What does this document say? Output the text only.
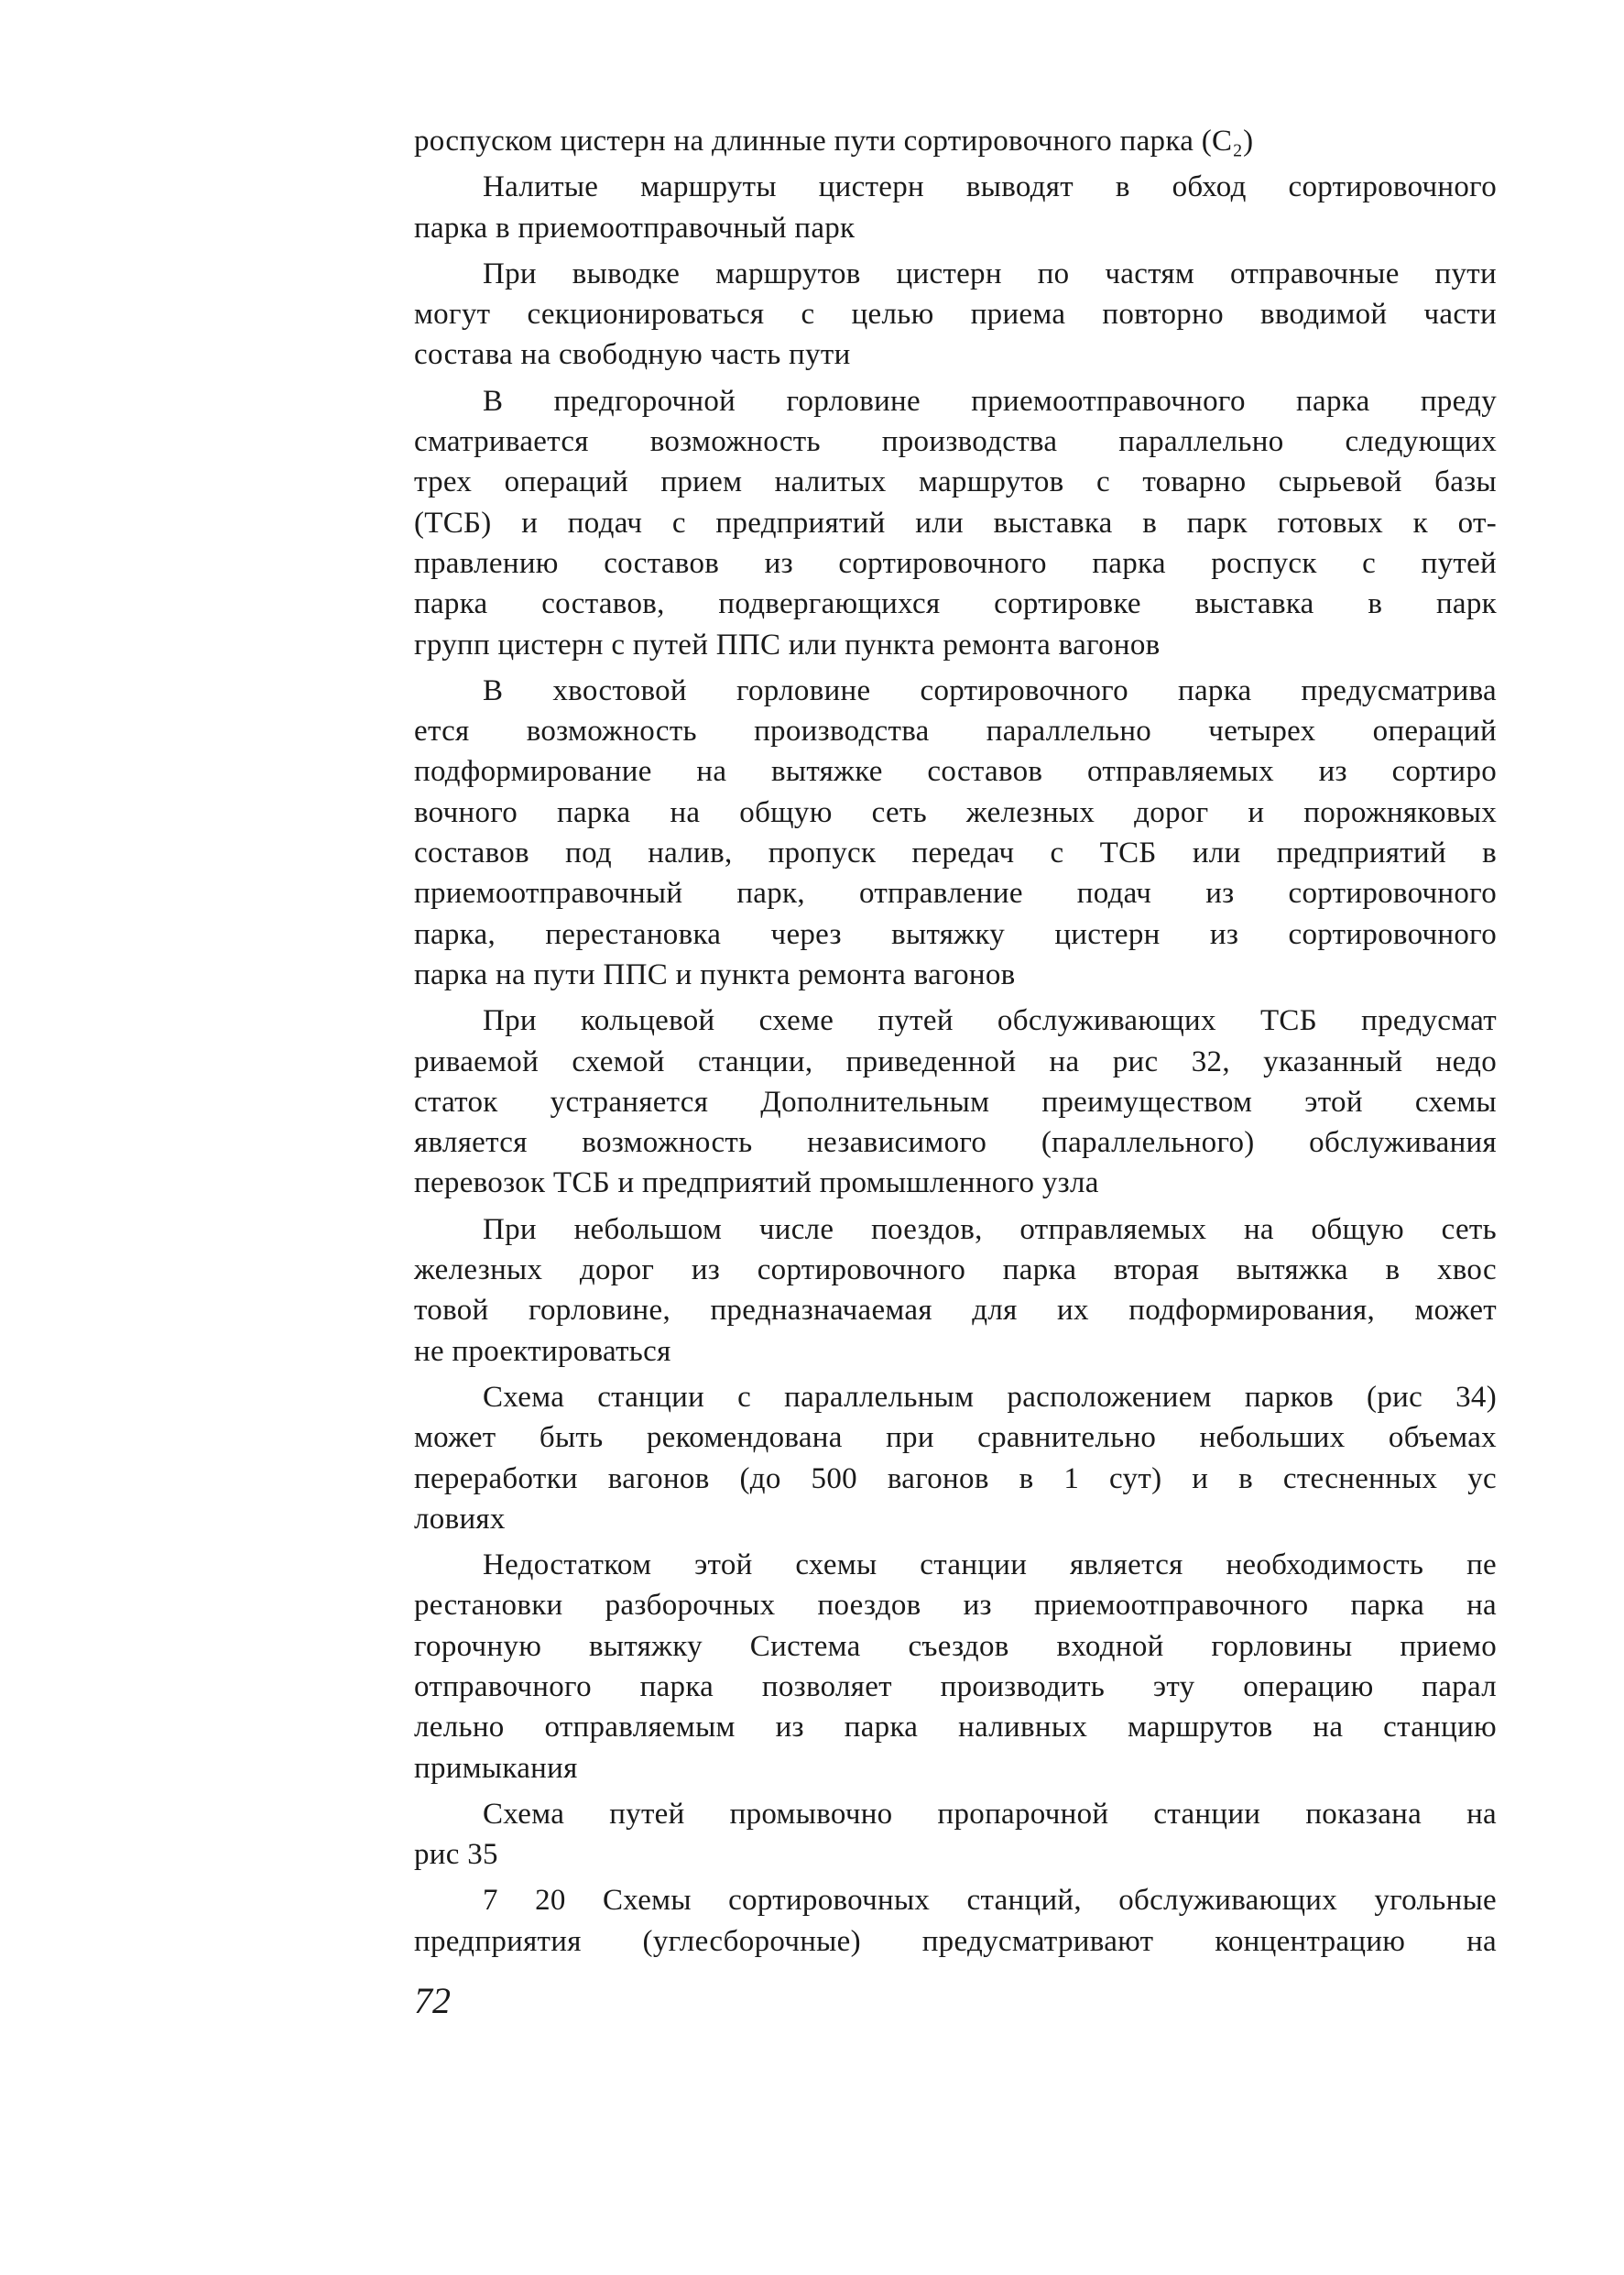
роспуском цистерн на длинные пути сортировочного парка (С₂)
Налитые маршруты цистерн выводят в обход сортировочного
парка в приемоотправочный парк
При выводке маршрутов цистерн по частям отправочные пути
могут секционироваться с целью приема повторно вводимой части
состава на свободную часть пути
В предгорочной горловине приемоотправочного парка преду
сматривается возможность производства параллельно следующих
трех операций прием налитых маршрутов с товарно сырьевой базы
(ТСБ) и подач с предприятий или выставка в парк готовых к от-
правлению составов из сортировочного парка роспуск с путей
парка составов, подвергающихся сортировке выставка в парк
групп цистерн с путей ППС или пункта ремонта вагонов
В хвостовой горловине сортировочного парка предусматрива
ется возможность производства параллельно четырех операций
подформирование на вытяжке составов отправляемых из сортиро
вочного парка на общую сеть железных дорог и порожняковых
составов под налив, пропуск передач с ТСБ или предприятий в
приемоотправочный парк, отправление подач из сортировочного
парка, перестановка через вытяжку цистерн из сортировочного
парка на пути ППС и пункта ремонта вагонов
При кольцевой схеме путей обслуживающих ТСБ предусмат
риваемой схемой станции, приведенной на рис 32, указанный недо
статок устраняется Дополнительным преимуществом этой схемы
является возможность независимого (параллельного) обслуживания
перевозок ТСБ и предприятий промышленного узла
При небольшом числе поездов, отправляемых на общую сеть
железных дорог из сортировочного парка вторая вытяжка в хвос
товой горловине, предназначаемая для их подформирования, может
не проектироваться
Схема станции с параллельным расположением парков (рис 34)
может быть рекомендована при сравнительно небольших объемах
переработки вагонов (до 500 вагонов в 1 сут) и в стесненных ус
ловиях
Недостатком этой схемы станции является необходимость пе
рестановки разборочных поездов из приемоотправочного парка на
горочную вытяжку Система съездов входной горловины приемо
отправочного парка позволяет производить эту операцию парал
лельно отправляемым из парка наливных маршрутов на станцию
примыкания
Схема путей промывочно пропарочной станции показана на
рис 35
7 20 Схемы сортировочных станций, обслуживающих угольные
предприятия (углесборочные) предусматривают концентрацию на
72
